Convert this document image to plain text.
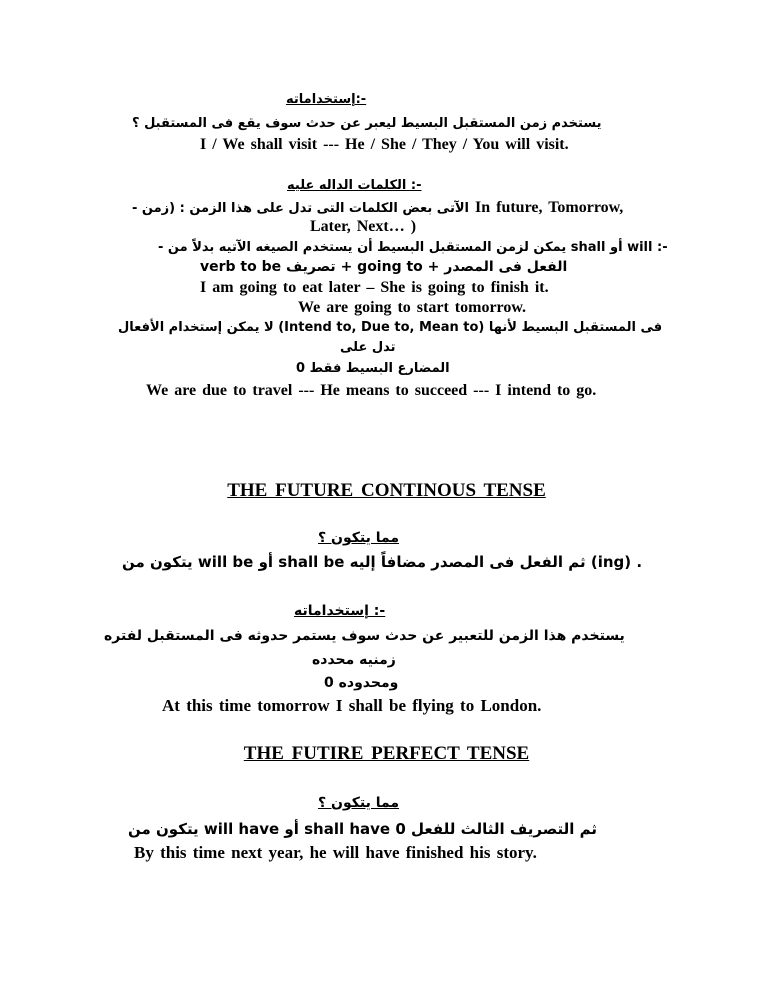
-:إستخداماته
يستخدم زمن المستقبل البسيط ليعبر عن حدث سوف يقع فى المستقبل ؟
I / We shall visit --- He / She / They / You will visit.
-: الكلمات الداله عليه
In future, Tomorrow,
الآتى بعض الكلمات التى تدل على هذا الزمن : (زمن -
Later, Next… )
-: will أو shall يمكن لزمن المستقبل البسيط أن يستخدم الصيغه الآتيه بدلاً من -
الفعل فى المصدر + going to + تصريف verb to be
I am going to eat later – She is going to finish it.
We are going to start tomorrow.
فى المستقبل البسيط لأنها (Intend to, Due to, Mean to) لا يمكن إستخدام الأفعال
تدل على
المضارع البسيط فقط 0
We are due to travel --- He means to succeed --- I intend to go.
THE FUTURE CONTINOUS TENSE
مما يتكون ؟
. (ing) ثم الفعل فى المصدر مضافاً إليه shall be أو will be يتكون من
-: إستخداماته
يستخدم هذا الزمن للتعبير عن حدث سوف يستمر حدوثه فى المستقبل لفتره
زمنيه محدده
ومحدوده 0
At this time tomorrow I shall be flying to London.
THE FUTIRE PERFECT TENSE
مما يتكون ؟
ثم التصريف الثالث للفعل 0 shall have أو will have يتكون من
By this time next year, he will have finished his story.
